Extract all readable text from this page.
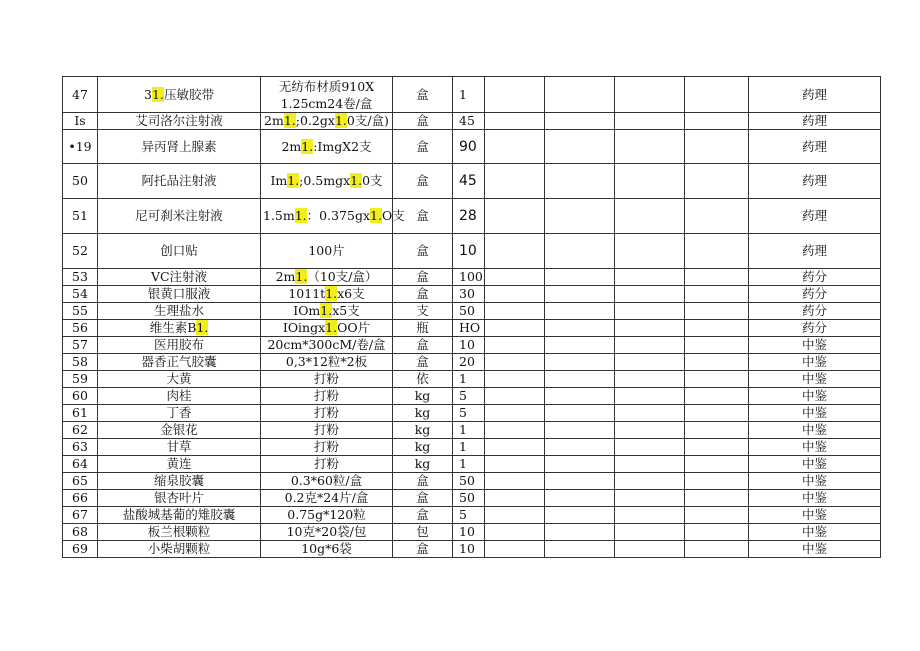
47	31.压敏胶带	无纺布材质910X 1.25cm24卷/盒	盒	1					药理
Is	艾司洛尔注射液	2m1.;0.2gx1.0支/盒)	盒	45					药理
•19	异丙肾上腺素	2m1.:ImgX2支	盒	90					药理
50	阿托品注射液	Im1.;0.5mgx1.0支	盒	45					药理
51	尼可刹米注射液	1.5m1.：0.375gx1.O支	盒	28					药理
52	创口贴	100片	盒	10					药理
53	VC注射液	2m1.（10支/盒）	盒	100					药分
54	银黄口服液	1011t1.x6支	盒	30					药分
55	生理盐水	IOm1.x5支	支	50					药分
56	维生素B1.	IOingx1.OO片	瓶	HO					药分
57	医用胶布	20cm*300cM/卷/盒	盒	10					中鉴
58	器香正气胶囊	0,3*12粒*2板	盒	20					中鉴
59	大黄	打粉	依	1					中鉴
60	肉桂	打粉	kg	5					中鉴
61	丁香	打粉	kg	5					中鉴
62	金银花	打粉	kg	1					中鉴
63	甘草	打粉	kg	1					中鉴
64	黄连	打粉	kg	1					中鉴
65	缩泉胶囊	0.3*60粒/盒	盒	50					中鉴
66	银杏叶片	0.2克*24片/盒	盒	50					中鉴
67	盐酸城基葡的雉胶囊	0.75g*120粒	盒	5					中鉴
68	板兰根颗粒	10克*20袋/包	包	10					中鉴
69	小柴胡颗粒	10g*6袋	盒	10					中鉴
